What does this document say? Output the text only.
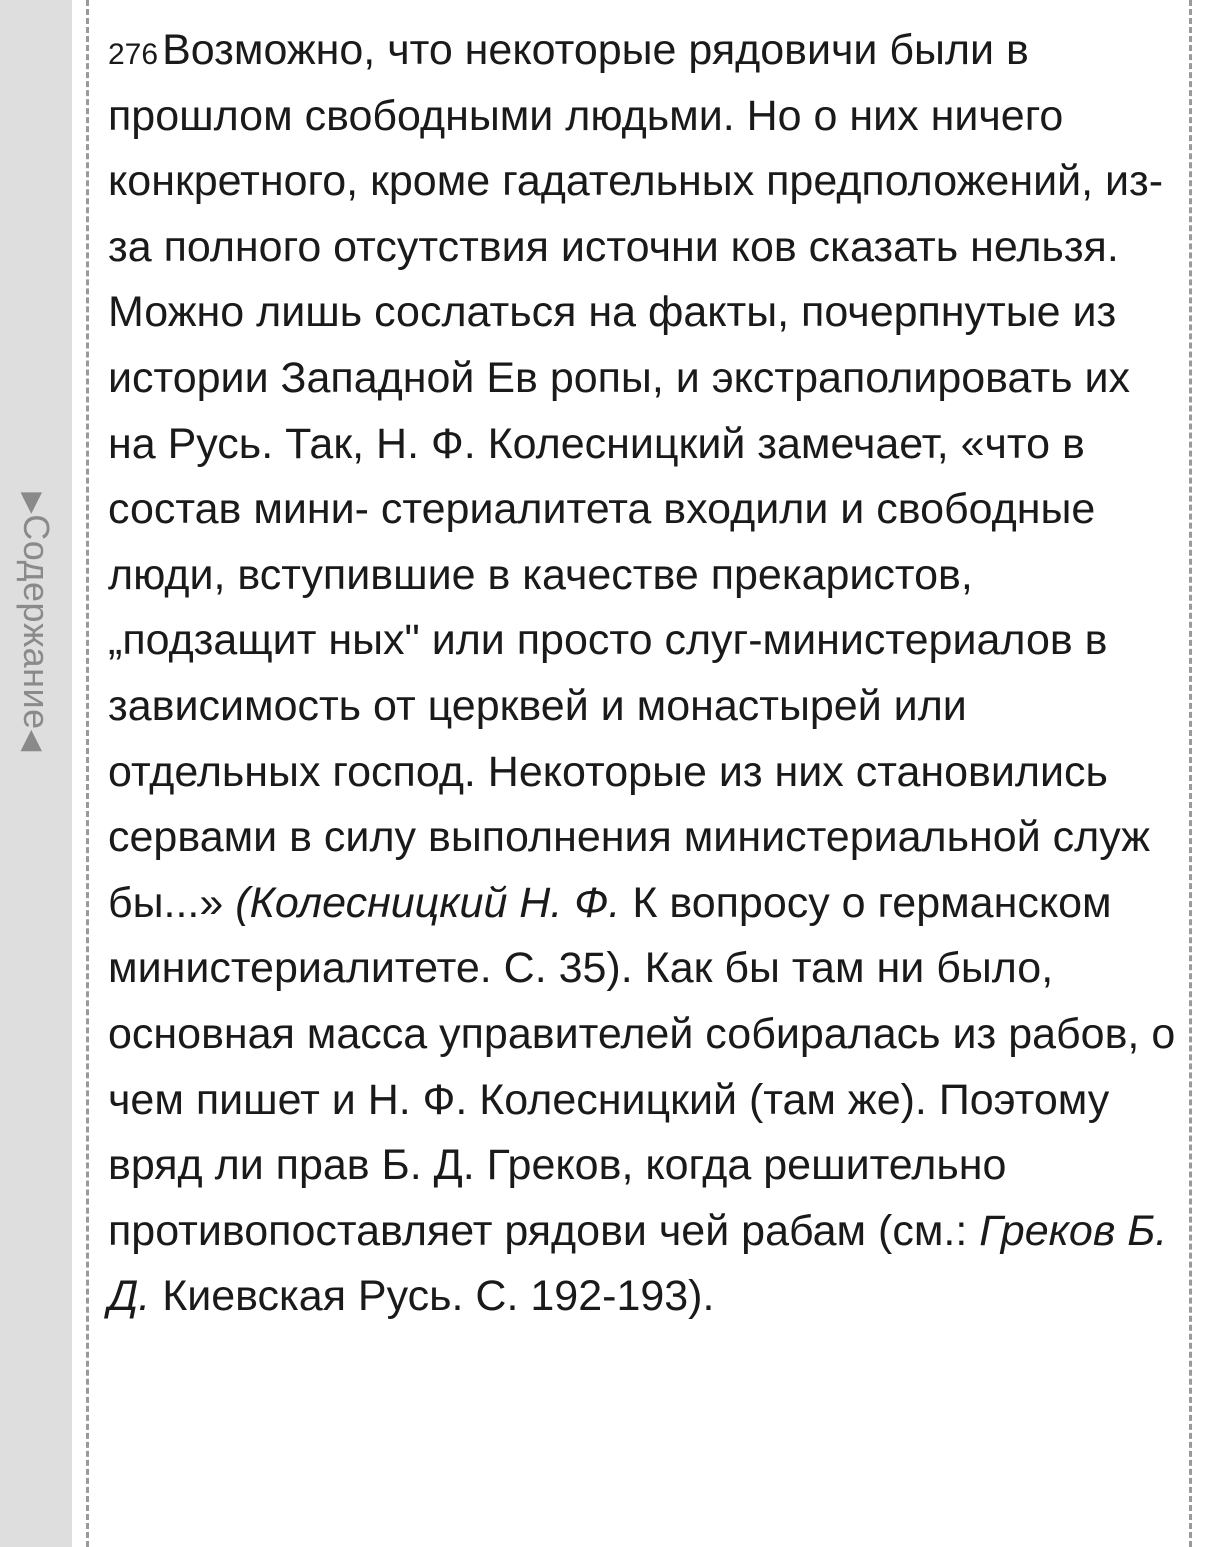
▶Содержание◀

$^{276}$Возможно, что некоторые рядовичи были в прошлом свободными людьми. Но о них ничего конкретного, кроме гадательных предположений, из-за полного отсутствия источни ков сказать нельзя. Можно лишь сослаться на факты, почерпнутые из истории Западной Ев ропы, и экстраполировать их на Русь. Так, Н. Ф. Колесницкий замечает, «что в состав мини- стериалитета входили и свободные люди, вступившие в качестве прекаристов, „подзащит ных" или просто слуг-министериалов в зависимость от церквей и монастырей или отдельных господ. Некоторые из них становились сервами в силу выполнения министериальной служ бы...» (Колесницкий Н. Ф. К вопросу о германском министериалитете. С. 35). Как бы там ни было, основная масса управителей собиралась из рабов, о чем пишет и Н. Ф. Колесницкий (там же). Поэтому вряд ли прав Б. Д. Греков, когда решительно противопоставляет рядови чей рабам (см.: Греков Б. Д. Киевская Русь. С. 192-193).
